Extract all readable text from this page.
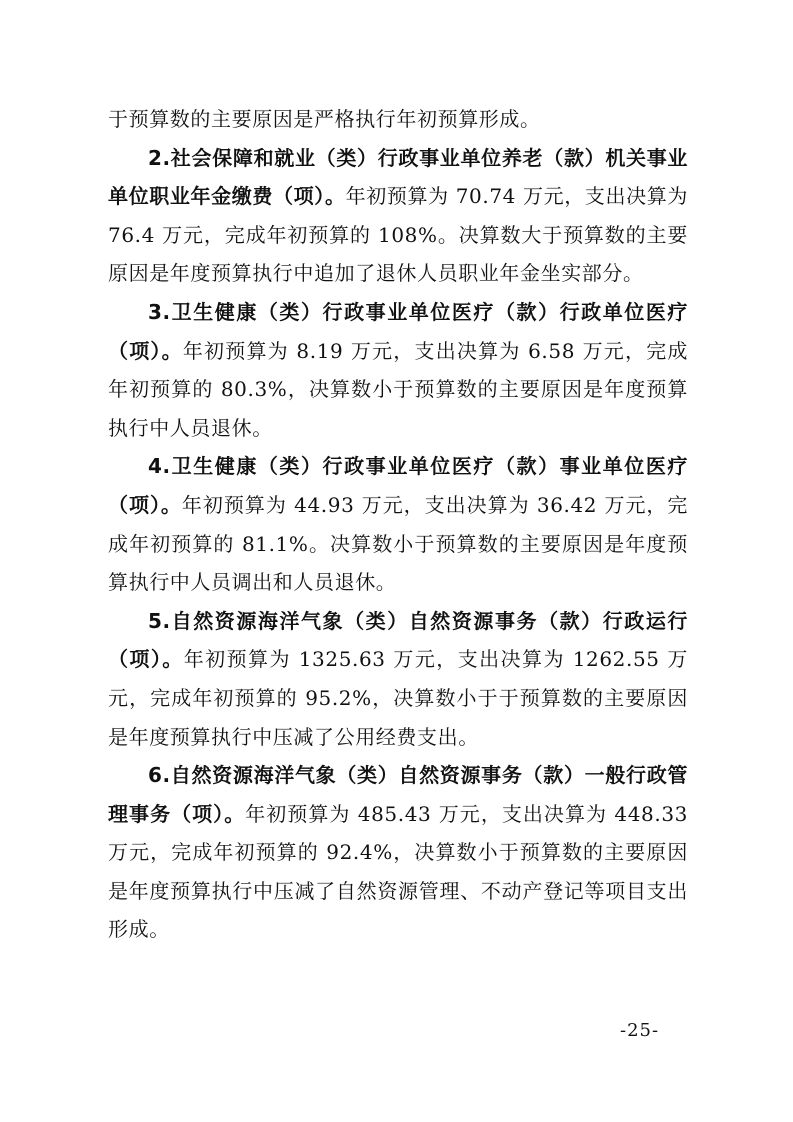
于预算数的主要原因是严格执行年初预算形成。

2.社会保障和就业（类）行政事业单位养老（款）机关事业单位职业年金缴费（项）。年初预算为 70.74 万元，支出决算为 76.4 万元，完成年初预算的 108%。决算数大于预算数的主要原因是年度预算执行中追加了退休人员职业年金坐实部分。

3.卫生健康（类）行政事业单位医疗（款）行政单位医疗（项）。年初预算为 8.19 万元，支出决算为 6.58 万元，完成年初预算的 80.3%，决算数小于预算数的主要原因是年度预算执行中人员退休。

4.卫生健康（类）行政事业单位医疗（款）事业单位医疗（项）。年初预算为 44.93 万元，支出决算为 36.42 万元，完成年初预算的 81.1%。决算数小于预算数的主要原因是年度预算执行中人员调出和人员退休。

5.自然资源海洋气象（类）自然资源事务（款）行政运行（项）。年初预算为 1325.63 万元，支出决算为 1262.55 万元，完成年初预算的 95.2%，决算数小于于预算数的主要原因是年度预算执行中压减了公用经费支出。

6.自然资源海洋气象（类）自然资源事务（款）一般行政管理事务（项）。年初预算为 485.43 万元，支出决算为 448.33 万元，完成年初预算的 92.4%，决算数小于预算数的主要原因是年度预算执行中压减了自然资源管理、不动产登记等项目支出形成。

-25-
